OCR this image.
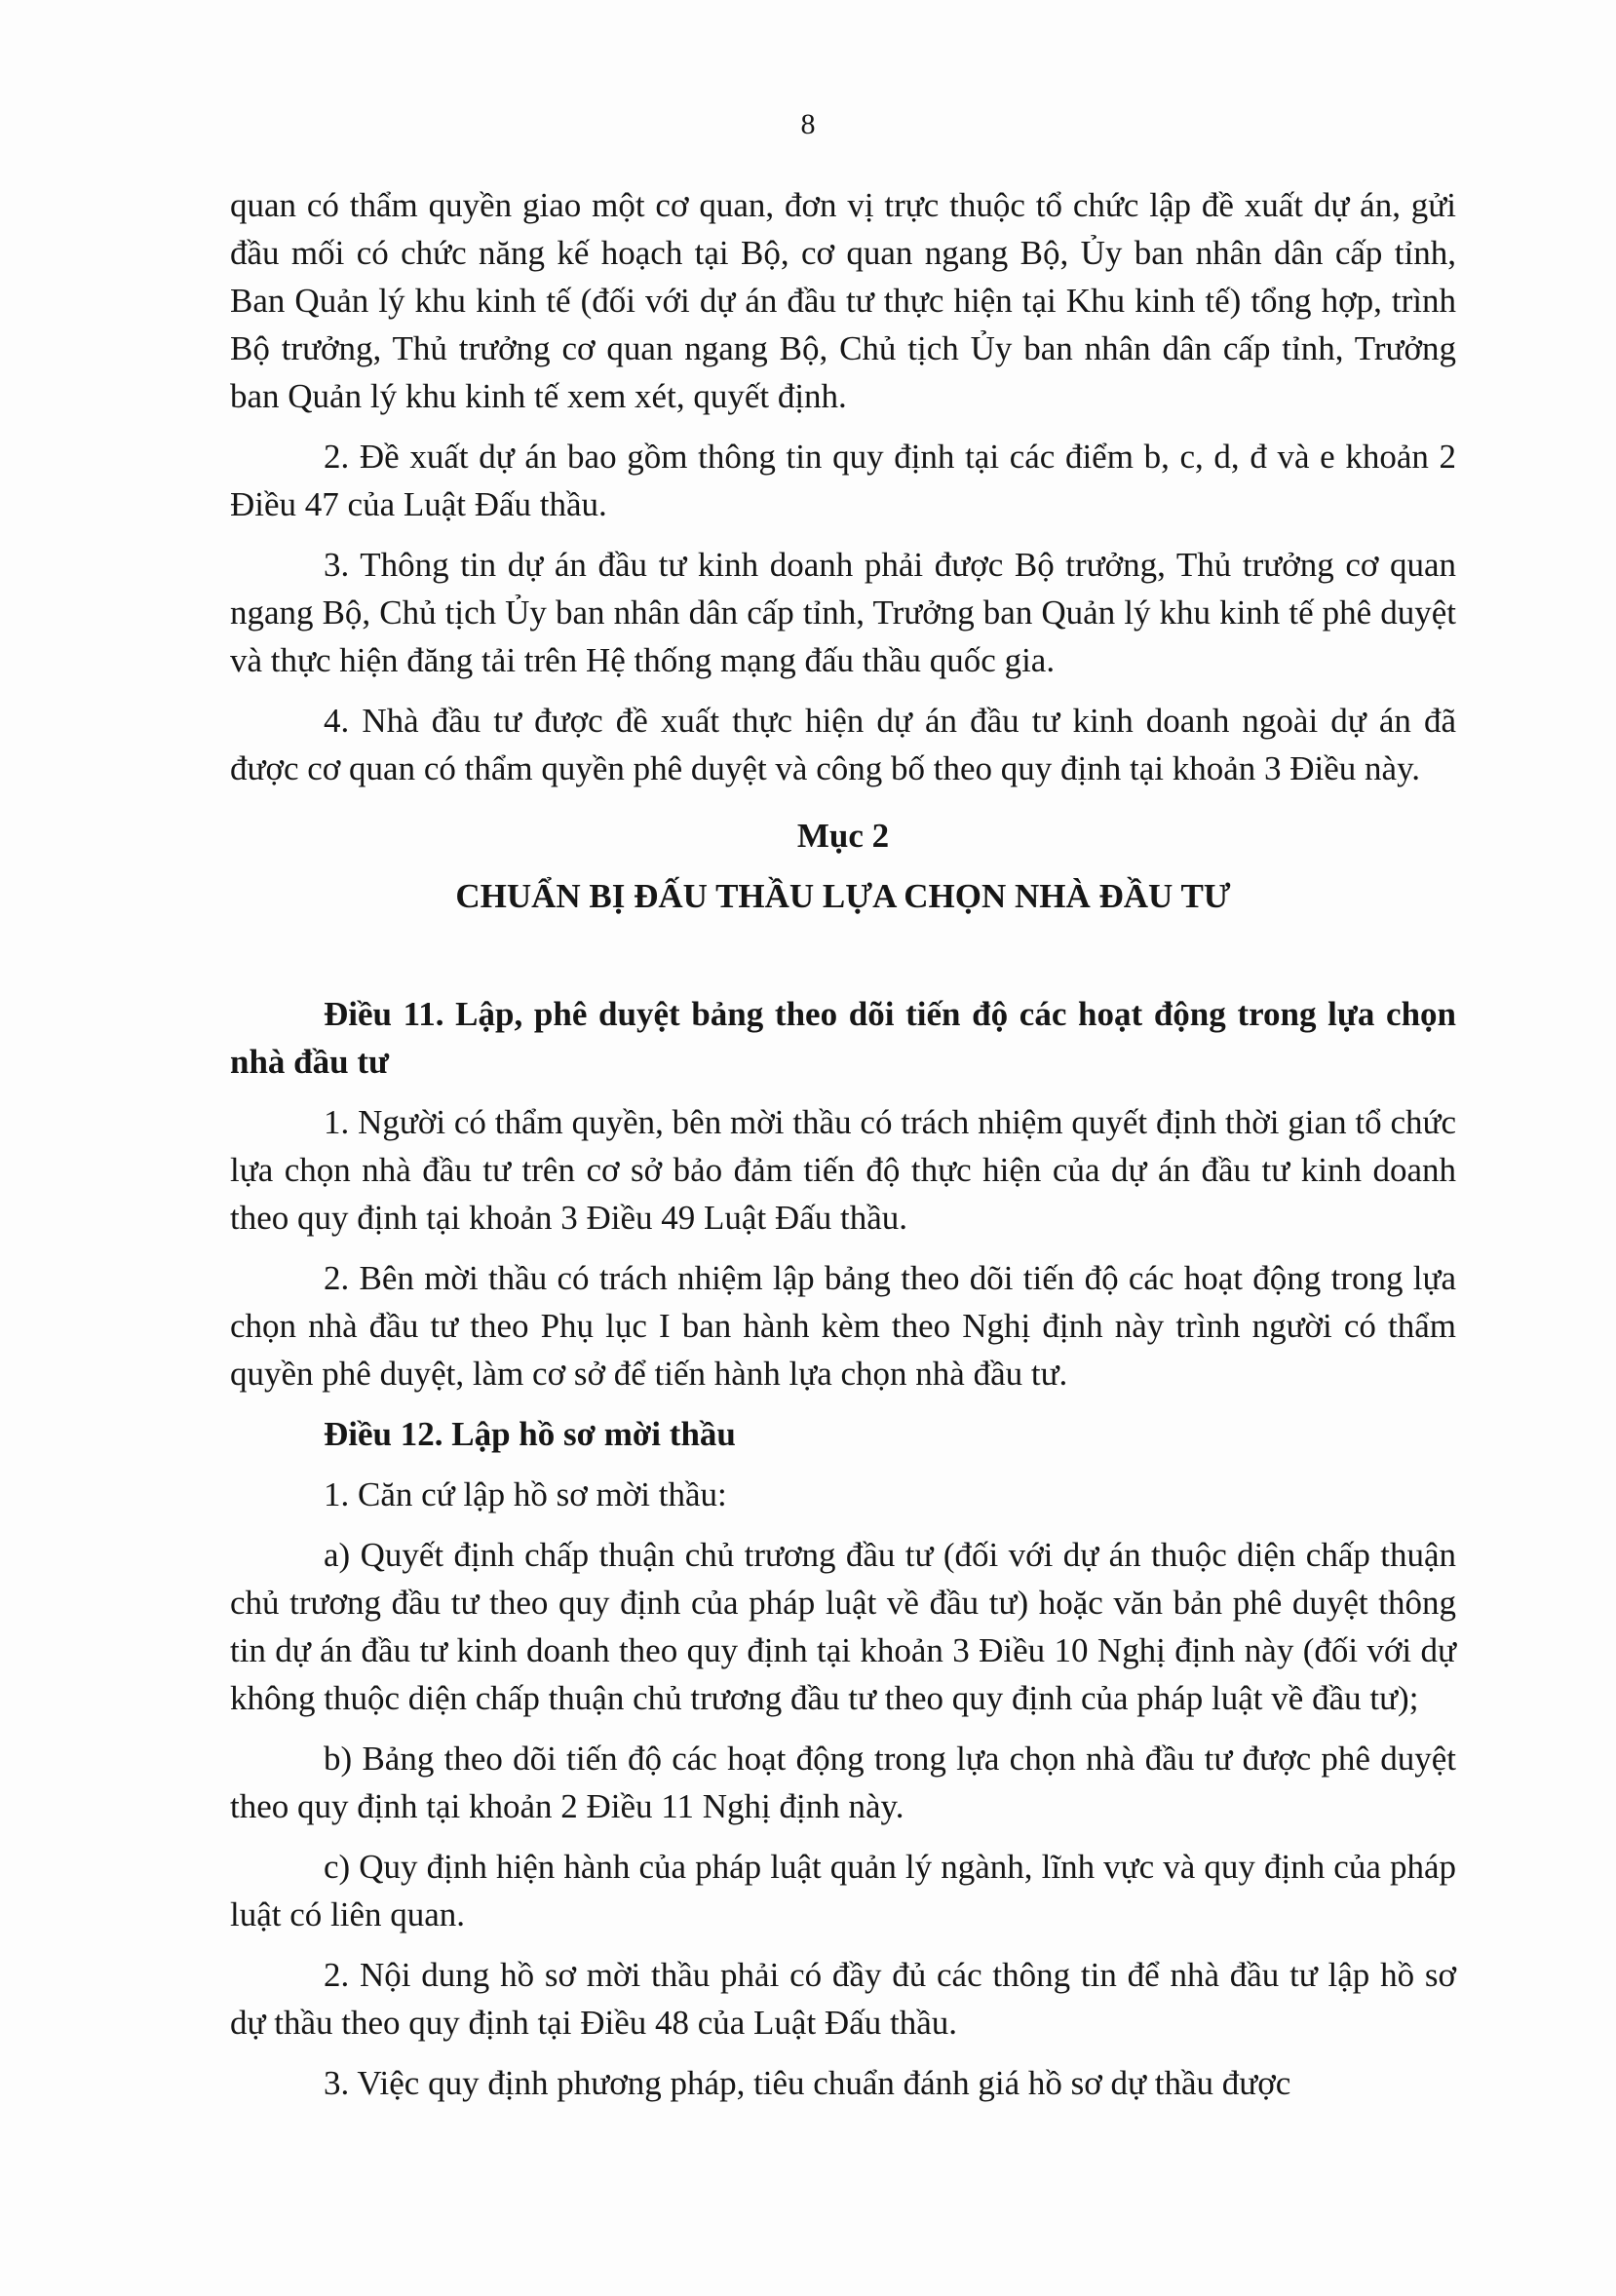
8

quan có thẩm quyền giao một cơ quan, đơn vị trực thuộc tổ chức lập đề xuất dự án, gửi đầu mối có chức năng kế hoạch tại Bộ, cơ quan ngang Bộ, Ủy ban nhân dân cấp tỉnh, Ban Quản lý khu kinh tế (đối với dự án đầu tư thực hiện tại Khu kinh tế) tổng hợp, trình Bộ trưởng, Thủ trưởng cơ quan ngang Bộ, Chủ tịch Ủy ban nhân dân cấp tỉnh, Trưởng ban Quản lý khu kinh tế xem xét, quyết định.

2. Đề xuất dự án bao gồm thông tin quy định tại các điểm b, c, d, đ và e khoản 2 Điều 47 của Luật Đấu thầu.

3. Thông tin dự án đầu tư kinh doanh phải được Bộ trưởng, Thủ trưởng cơ quan ngang Bộ, Chủ tịch Ủy ban nhân dân cấp tỉnh, Trưởng ban Quản lý khu kinh tế phê duyệt và thực hiện đăng tải trên Hệ thống mạng đấu thầu quốc gia.

4. Nhà đầu tư được đề xuất thực hiện dự án đầu tư kinh doanh ngoài dự án đã được cơ quan có thẩm quyền phê duyệt và công bố theo quy định tại khoản 3 Điều này.

Mục 2

CHUẨN BỊ ĐẤU THẦU LỰA CHỌN NHÀ ĐẦU TƯ

Điều 11. Lập, phê duyệt bảng theo dõi tiến độ các hoạt động trong lựa chọn nhà đầu tư

1. Người có thẩm quyền, bên mời thầu có trách nhiệm quyết định thời gian tổ chức lựa chọn nhà đầu tư trên cơ sở bảo đảm tiến độ thực hiện của dự án đầu tư kinh doanh theo quy định tại khoản 3 Điều 49 Luật Đấu thầu.

2. Bên mời thầu có trách nhiệm lập bảng theo dõi tiến độ các hoạt động trong lựa chọn nhà đầu tư theo Phụ lục I ban hành kèm theo Nghị định này trình người có thẩm quyền phê duyệt, làm cơ sở để tiến hành lựa chọn nhà đầu tư.

Điều 12. Lập hồ sơ mời thầu

1. Căn cứ lập hồ sơ mời thầu:

a) Quyết định chấp thuận chủ trương đầu tư (đối với dự án thuộc diện chấp thuận chủ trương đầu tư theo quy định của pháp luật về đầu tư) hoặc văn bản phê duyệt thông tin dự án đầu tư kinh doanh theo quy định tại khoản 3 Điều 10 Nghị định này (đối với dự không thuộc diện chấp thuận chủ trương đầu tư theo quy định của pháp luật về đầu tư);

b) Bảng theo dõi tiến độ các hoạt động trong lựa chọn nhà đầu tư được phê duyệt theo quy định tại khoản 2 Điều 11 Nghị định này.

c) Quy định hiện hành của pháp luật quản lý ngành, lĩnh vực và quy định của pháp luật có liên quan.

2. Nội dung hồ sơ mời thầu phải có đầy đủ các thông tin để nhà đầu tư lập hồ sơ dự thầu theo quy định tại Điều 48 của Luật Đấu thầu.

3. Việc quy định phương pháp, tiêu chuẩn đánh giá hồ sơ dự thầu được
